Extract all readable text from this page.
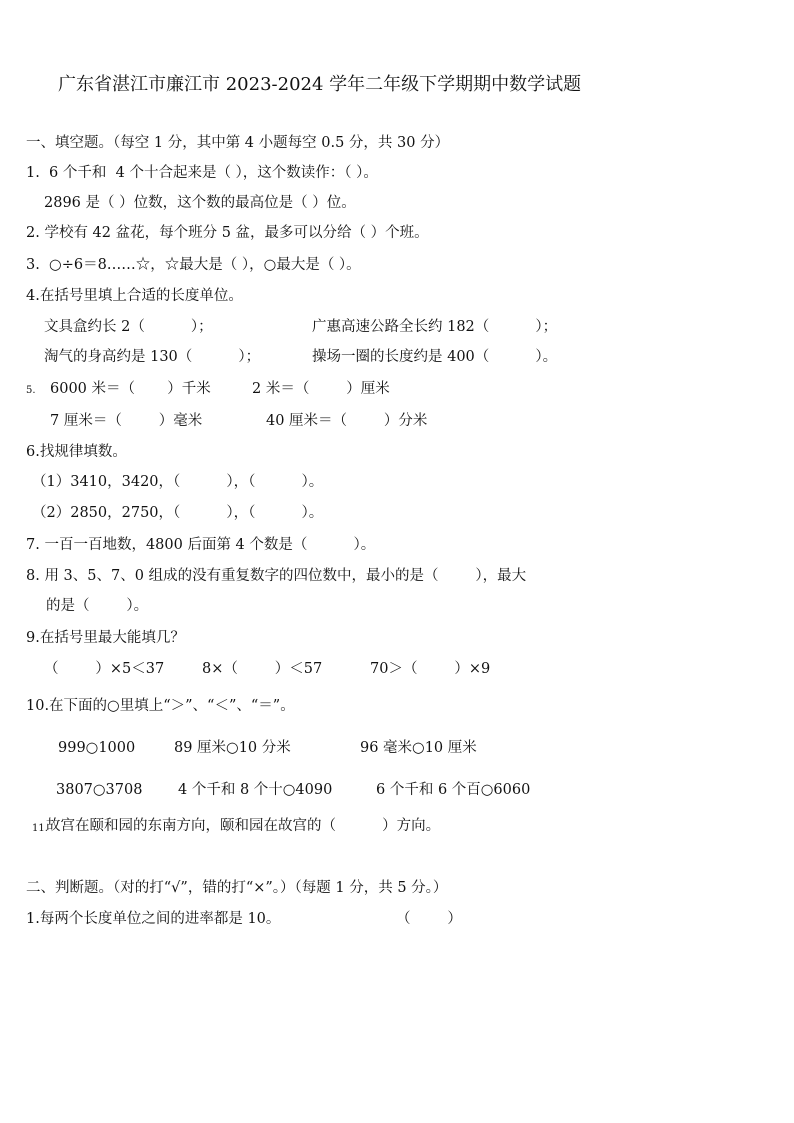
广东省湛江市廉江市 2023-2024 学年二年级下学期期中数学试题
一、填空题。（每空 1 分，其中第 4 小题每空 0.5 分，共 30 分）
1.  6 个千和  4 个十合起来是（ ），这个数读作：（ ）。
2896 是（ ）位数，这个数的最高位是（ ）位。
2. 学校有 42 盆花，每个班分 5 盆，最多可以分给（ ）个班。
3.  ○÷6＝8……☆，☆最大是（ ），○最大是（ ）。
4.在括号里填上合适的长度单位。
文具盒约长 2（          ）；	广惠高速公路全长约 182（          ）；
淘气的身高约是 130（          ）；	操场一圈的长度约是 400（          ）。
5. 6000 米＝（       ）千米	2 米＝（        ）厘米
7 厘米＝（        ）毫米	40 厘米＝（        ）分米
6.找规律填数。
（1）3410，3420，（          ），（          ）。
（2）2850，2750，（          ），（          ）。
7. 一百一百地数，4800 后面第 4 个数是（          ）。
8. 用 3、5、7、0 组成的没有重复数字的四位数中，最小的是（        ），最大
的是（        ）。
9.在括号里最大能填几？
（        ）×5＜37	8×（        ）＜57	70＞（        ）×9
10.在下面的○里填上“＞”、“＜”、“＝”。
999○1000	89 厘米○10 分米	96 毫米○10 厘米
3807○3708 4 个千和 8 个十○4090	6 个千和 6 个百○6060
11.
故宫在颐和园的东南方向，颐和园在故宫的（          ）方向。
二、判断题。（对的打“√”，错的打“×”。）（每题 1 分，共 5 分。）
1.每两个长度单位之间的进率都是 10。	（        ）
